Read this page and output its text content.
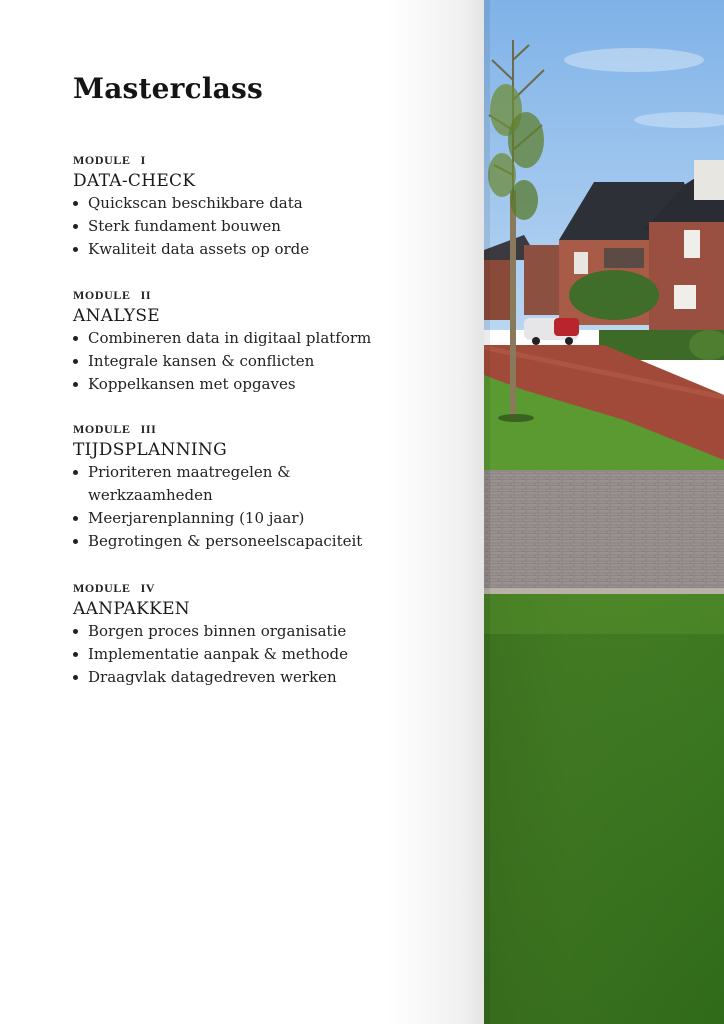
Masterclass
MODULE I
DATA-CHECK
Quickscan beschikbare data
Sterk fundament bouwen
Kwaliteit data assets op orde
MODULE II
ANALYSE
Combineren data in digitaal platform
Integrale kansen & conflicten
Koppelkansen met opgaves
MODULE III
TIJDSPLANNING
Prioriteren maatregelen & werkzaamheden
Meerjarenplanning (10 jaar)
Begrotingen & personeelscapaciteit
MODULE IV
AANPAKKEN
Borgen proces binnen organisatie
Implementatie aanpak & methode
Draagvlak datagedreven werken
